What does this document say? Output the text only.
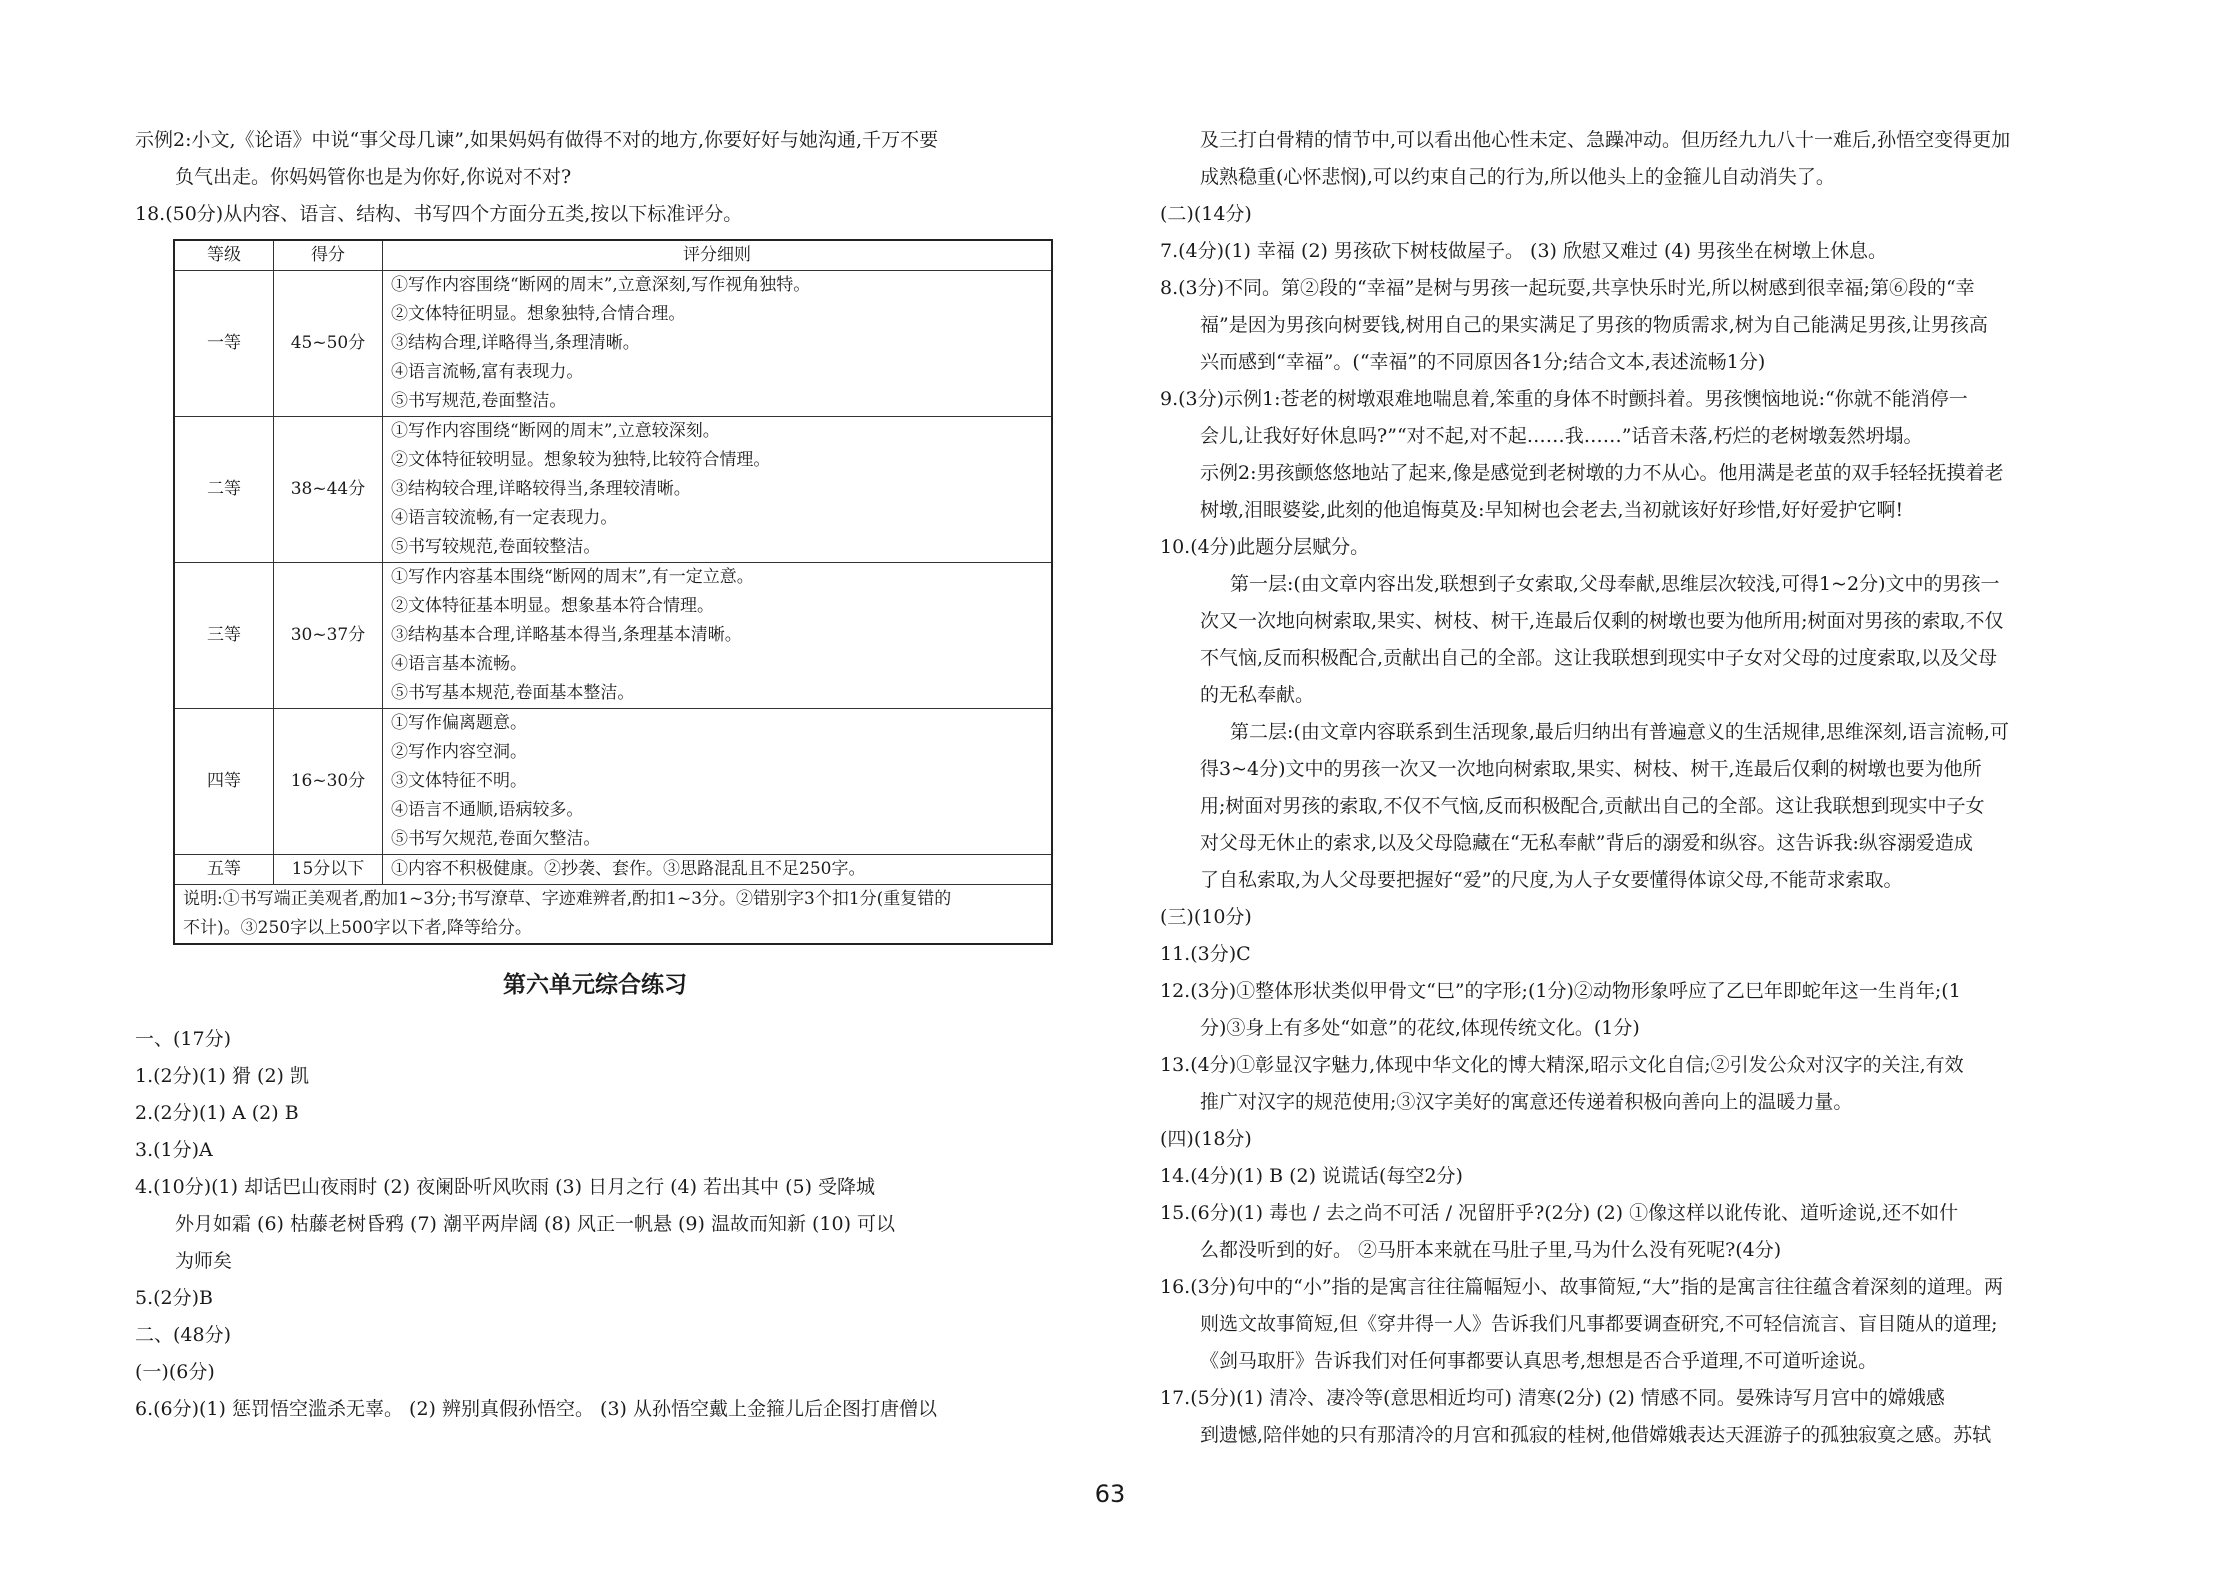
示例2:小文,《论语》中说“事父母几谏”,如果妈妈有做得不对的地方,你要好好与她沟通,千万不要
负气出走。你妈妈管你也是为你好,你说对不对?
18.(50分)从内容、语言、结构、书写四个方面分五类,按以下标准评分。
等级	得分	评分细则
一等	45~50分	①写作内容围绕“断网的周末”,立意深刻,写作视角独特。
②文体特征明显。想象独特,合情合理。
③结构合理,详略得当,条理清晰。
④语言流畅,富有表现力。
⑤书写规范,卷面整洁。

二等	38~44分	①写作内容围绕“断网的周末”,立意较深刻。
②文体特征较明显。想象较为独特,比较符合情理。
③结构较合理,详略较得当,条理较清晰。
④语言较流畅,有一定表现力。
⑤书写较规范,卷面较整洁。

三等	30~37分	①写作内容基本围绕“断网的周末”,有一定立意。
②文体特征基本明显。想象基本符合情理。
③结构基本合理,详略基本得当,条理基本清晰。
④语言基本流畅。
⑤书写基本规范,卷面基本整洁。

四等	16~30分	①写作偏离题意。
②写作内容空洞。
③文体特征不明。
④语言不通顺,语病较多。
⑤书写欠规范,卷面欠整洁。

五等	15分以下	①内容不积极健康。②抄袭、套作。③思路混乱且不足250字。

说明:①书写端正美观者,酌加1~3分;书写潦草、字迹难辨者,酌扣1~3分。②错别字3个扣1分(重复错的
不计)。③250字以上500字以下者,降等给分。		
第六单元综合练习
一、(17分)
1.(2分)(1) 猾 (2) 凯
2.(2分)(1) A (2) B
3.(1分)A
4.(10分)(1) 却话巴山夜雨时 (2) 夜阑卧听风吹雨 (3) 日月之行 (4) 若出其中 (5) 受降城
外月如霜 (6) 枯藤老树昏鸦 (7) 潮平两岸阔 (8) 风正一帆悬 (9) 温故而知新 (10) 可以
为师矣
5.(2分)B
二、(48分)
(一)(6分)
6.(6分)(1) 惩罚悟空滥杀无辜。 (2) 辨别真假孙悟空。 (3) 从孙悟空戴上金箍儿后企图打唐僧以
及三打白骨精的情节中,可以看出他心性未定、急躁冲动。但历经九九八十一难后,孙悟空变得更加
成熟稳重(心怀悲悯),可以约束自己的行为,所以他头上的金箍儿自动消失了。
(二)(14分)
7.(4分)(1) 幸福 (2) 男孩砍下树枝做屋子。 (3) 欣慰又难过 (4) 男孩坐在树墩上休息。
8.(3分)不同。第②段的“幸福”是树与男孩一起玩耍,共享快乐时光,所以树感到很幸福;第⑥段的“幸
福”是因为男孩向树要钱,树用自己的果实满足了男孩的物质需求,树为自己能满足男孩,让男孩高
兴而感到“幸福”。(“幸福”的不同原因各1分;结合文本,表述流畅1分)
9.(3分)示例1:苍老的树墩艰难地喘息着,笨重的身体不时颤抖着。男孩懊恼地说:“你就不能消停一
会儿,让我好好休息吗?”“对不起,对不起……我……”话音未落,朽烂的老树墩轰然坍塌。
示例2:男孩颤悠悠地站了起来,像是感觉到老树墩的力不从心。他用满是老茧的双手轻轻抚摸着老
树墩,泪眼婆娑,此刻的他追悔莫及:早知树也会老去,当初就该好好珍惜,好好爱护它啊!
10.(4分)此题分层赋分。
第一层:(由文章内容出发,联想到子女索取,父母奉献,思维层次较浅,可得1~2分)文中的男孩一
次又一次地向树索取,果实、树枝、树干,连最后仅剩的树墩也要为他所用;树面对男孩的索取,不仅
不气恼,反而积极配合,贡献出自己的全部。这让我联想到现实中子女对父母的过度索取,以及父母
的无私奉献。
第二层:(由文章内容联系到生活现象,最后归纳出有普遍意义的生活规律,思维深刻,语言流畅,可
得3~4分)文中的男孩一次又一次地向树索取,果实、树枝、树干,连最后仅剩的树墩也要为他所
用;树面对男孩的索取,不仅不气恼,反而积极配合,贡献出自己的全部。这让我联想到现实中子女
对父母无休止的索求,以及父母隐藏在“无私奉献”背后的溺爱和纵容。这告诉我:纵容溺爱造成
了自私索取,为人父母要把握好“爱”的尺度,为人子女要懂得体谅父母,不能苛求索取。
(三)(10分)
11.(3分)C
12.(3分)①整体形状类似甲骨文“巳”的字形;(1分)②动物形象呼应了乙巳年即蛇年这一生肖年;(1
分)③身上有多处“如意”的花纹,体现传统文化。(1分)
13.(4分)①彰显汉字魅力,体现中华文化的博大精深,昭示文化自信;②引发公众对汉字的关注,有效
推广对汉字的规范使用;③汉字美好的寓意还传递着积极向善向上的温暖力量。
(四)(18分)
14.(4分)(1) B (2) 说谎话(每空2分)
15.(6分)(1) 毒也 / 去之尚不可活 / 况留肝乎?(2分) (2) ①像这样以讹传讹、道听途说,还不如什
么都没听到的好。 ②马肝本来就在马肚子里,马为什么没有死呢?(4分)
16.(3分)句中的“小”指的是寓言往往篇幅短小、故事简短,“大”指的是寓言往往蕴含着深刻的道理。两
则选文故事简短,但《穿井得一人》告诉我们凡事都要调查研究,不可轻信流言、盲目随从的道理;
《剑马取肝》告诉我们对任何事都要认真思考,想想是否合乎道理,不可道听途说。
17.(5分)(1) 清冷、凄冷等(意思相近均可) 清寒(2分) (2) 情感不同。晏殊诗写月宫中的嫦娥感
到遗憾,陪伴她的只有那清冷的月宫和孤寂的桂树,他借嫦娥表达天涯游子的孤独寂寞之感。苏轼
63
